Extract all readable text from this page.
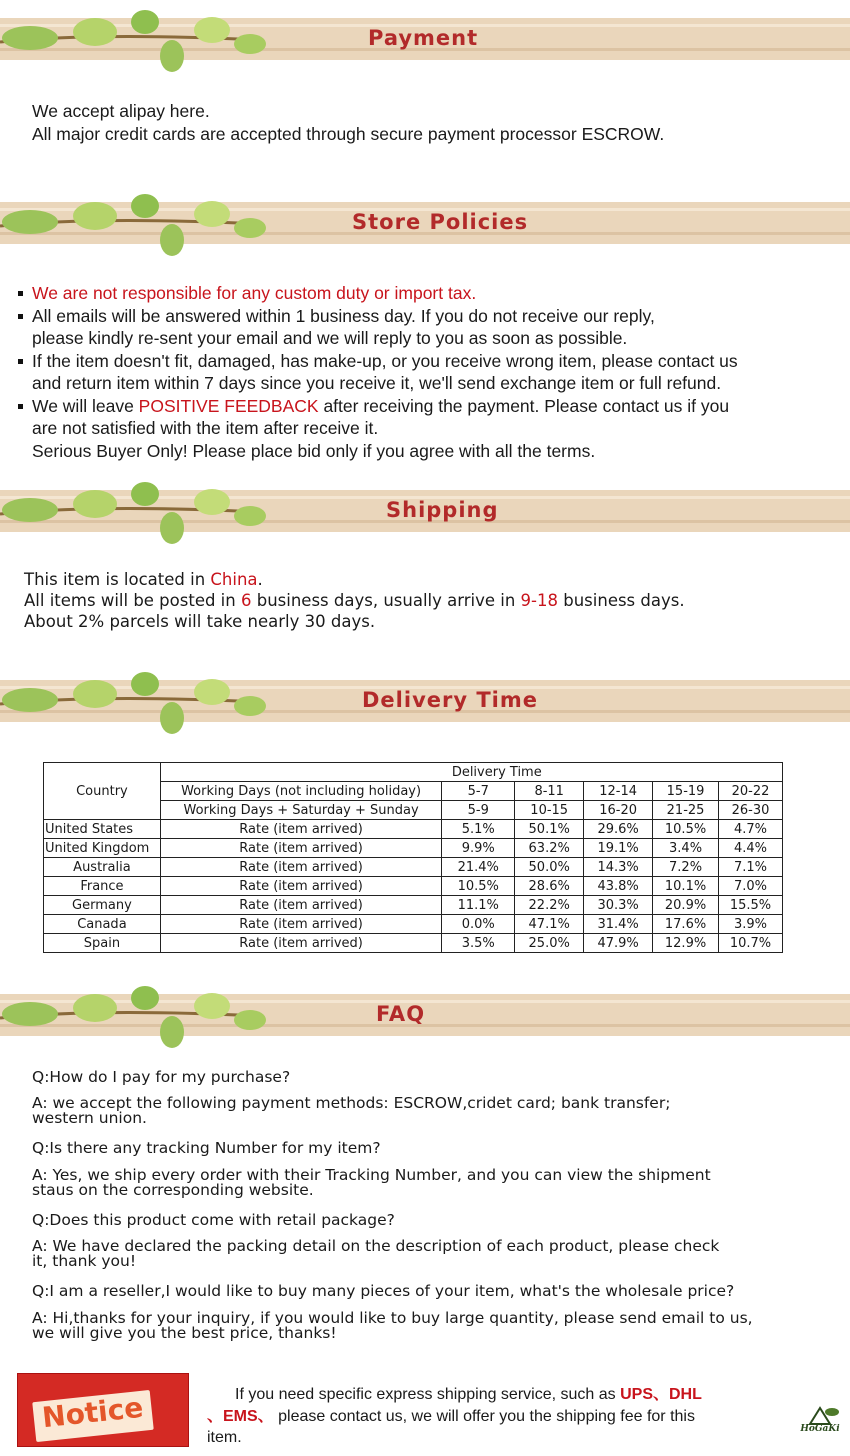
Payment

We accept alipay here.

All major credit cards are accepted through secure payment processor ESCROW.

Store Policies

We are not responsible for any custom duty or import tax.

All emails will be answered within 1 business day. If you do not receive our reply,

please kindly re-sent your email and we will reply to you as soon as possible.

If the item doesn't fit, damaged, has make-up, or you receive wrong item, please contact us

and return item within 7 days since you receive it, we'll send exchange item or full refund.

We will leave POSITIVE FEEDBACK after receiving the payment. Please contact us if you

are not satisfied with the item after receive it.

Serious Buyer Only! Please place bid only if you agree with all the terms.

Shipping

This item is located in China.

All items will be posted in 6 business days, usually arrive in 9-18 business days.

About 2% parcels will take nearly 30 days.

Delivery Time
Country		Delivery Time				
	Working Days (not including holiday)	5-7	8-11	12-14	15-19	20-22
	Working Days + Saturday + Sunday	5-9	10-15	16-20	21-25	26-30
United States	Rate (item arrived)	5.1%	50.1%	29.6%	10.5%	4.7%
United Kingdom	Rate (item arrived)	9.9%	63.2%	19.1%	3.4%	4.4%
Australia	Rate (item arrived)	21.4%	50.0%	14.3%	7.2%	7.1%
France	Rate (item arrived)	10.5%	28.6%	43.8%	10.1%	7.0%
Germany	Rate (item arrived)	11.1%	22.2%	30.3%	20.9%	15.5%
Canada	Rate (item arrived)	0.0%	47.1%	31.4%	17.6%	3.9%
Spain	Rate (item arrived)	3.5%	25.0%	47.9%	12.9%	10.7%
FAQ
Q:How do I pay for my purchase?
A: we accept the following payment methods: ESCROW,cridet card; bank transfer;
western union.
Q:Is there any tracking Number for my item?
A: Yes, we ship every order with their Tracking Number, and you can view the shipment
staus on the corresponding website.
Q:Does this product come with retail package?
A: We have declared the packing detail on the description of each product, please check
it, thank you!
Q:I am a reseller,I would like to buy many pieces of your item, what's the wholesale price?
A: Hi,thanks for your inquiry, if you would like to buy large quantity, please send email to us,
we will give you the best price, thanks!
Notice	If you need specific express shipping service, such as UPS、DHL
、EMS、 please contact us, we will offer you the shipping fee for this
item.	HoGaKi
